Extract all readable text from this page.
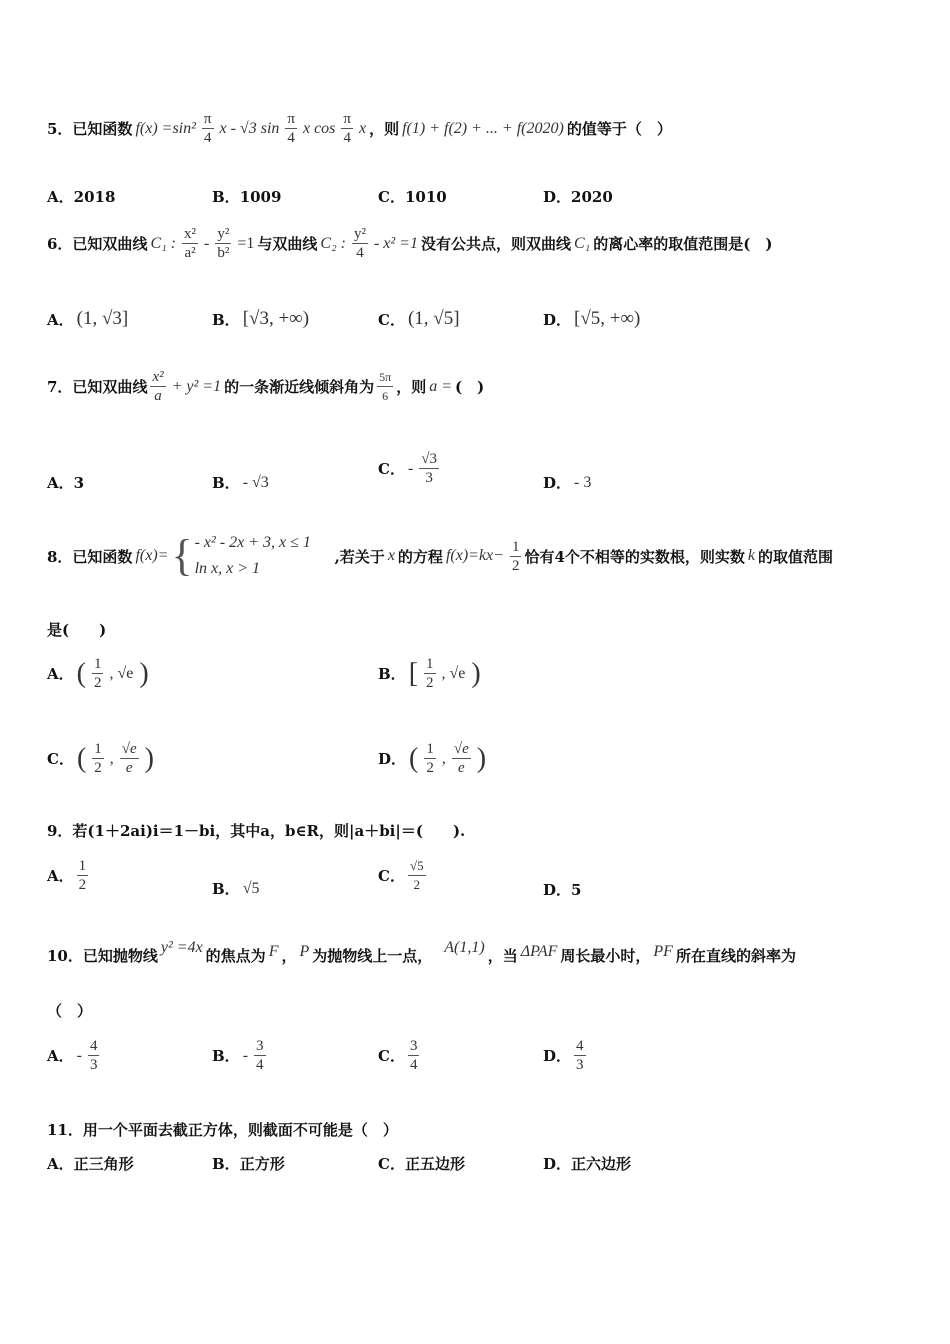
5．已知函数 $f(x) =\sin^2 \frac{\pi}{4}$ x - √3 $\sin \frac{\pi}{4}$ x $\cos \frac{\pi}{4}$ x ，则 f(1) + f(2) + ... + f(2020) 的值等于（　）
A． 2018	B． 1009	C． 1010	D． 2020
6．已知双曲线 C₁ : $\frac{\text{x²}}{\text{a²}} - \frac{\text{y²}}{\text{b²}} =1$ 与双曲线 C₂ : $\frac{\text{y²}}{4} - x^2 =1$ 没有公共点，则双曲线 C₁ 的离心率的取值范围是(　)
A． (1, √3]	B． [√3, +∞)	C． (1, √5]	D． [√5, +∞)
7．已知双曲线 $\frac{\text{x²}}{a} + y^2 =1$ 的一条渐近线倾斜角为 $\frac{5\pi}{6}$ ，则 a = (　)
A． 3	B． - √3
C． - $\frac{√3}{3}$	D． - 3
8．已知函数 f(x)= { - x² - 2x + 3, x ≤ 1
ln x, x > 1
,若关于 x 的方程 $f(x)=kx- \frac{1}{2}$ 恰有4个不相等的实数根，则实数 k 的取值范围
是(　　)
A． ( $\frac{1}{2}$ , √e )	B． [ $\frac{1}{2}$ , √e )
C． ( $\frac{1}{2}$ , $\frac{√e}{e}$ )	D． ( $\frac{1}{2}$ , $\frac{√e}{e}$ )
9．若(1＋2ai)i＝1－bi，其中a，b∈R，则|a＋bi|＝(　　).
A． $\frac{1}{2}$	B． √5
C． $\frac{√5}{2}$	D． 5
10．已知抛物线 y² =4x 的焦点为 F ， P 为抛物线上一点， A(1,1) ，当 ΔPAF 周长最小时， PF 所在直线的斜率为
（　）
A． - $\frac{4}{3}$	B． - $\frac{3}{4}$	C． $\frac{3}{4}$	D． $\frac{4}{3}$
11．用一个平面去截正方体，则截面不可能是（　）
A． 正三角形	B． 正方形	C． 正五边形	D． 正六边形
f(x) = sin² (π/4)x − √3 sin(π/4)x cos(π/4)x
